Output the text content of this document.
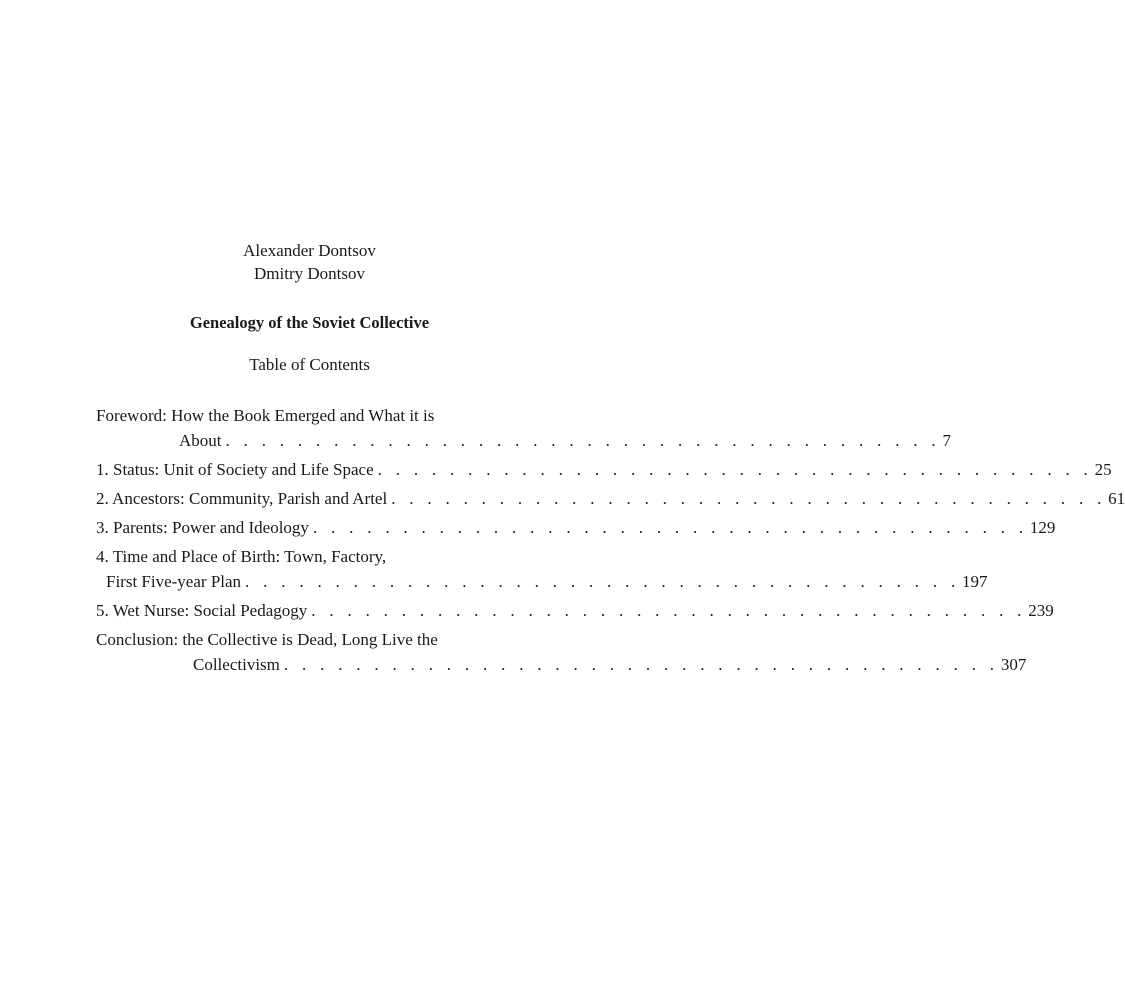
Alexander Dontsov
Dmitry Dontsov
Genealogy of the Soviet Collective
Table of Contents
Foreword: How the Book Emerged and What it is
About . . . . . . . . . . . . . . . . . . . . . . . . . . . . . . . . . . . . . . . . 7
1. Status: Unit of Society and Life Space . . . . . . . . . . . . . . . . . . . . . . . . . . . . . . . . . . . . . . . . 25
2. Ancestors: Community, Parish and Artel . . . . . . . . . . . . . . . . . . . . . . . . . . . . . . . . . . . . . . . . 61
3. Parents: Power and Ideology . . . . . . . . . . . . . . . . . . . . . . . . . . . . . . . . . . . . . . . . 129
4. Time and Place of Birth: Town, Factory,
First Five-year Plan . . . . . . . . . . . . . . . . . . . . . . . . . . . . . . . . . . . . . . . . 197
5. Wet Nurse: Social Pedagogy . . . . . . . . . . . . . . . . . . . . . . . . . . . . . . . . . . . . . . . . 239
Conclusion: the Collective is Dead, Long Live the
Collectivism . . . . . . . . . . . . . . . . . . . . . . . . . . . . . . . . . . . . . . . . 307
